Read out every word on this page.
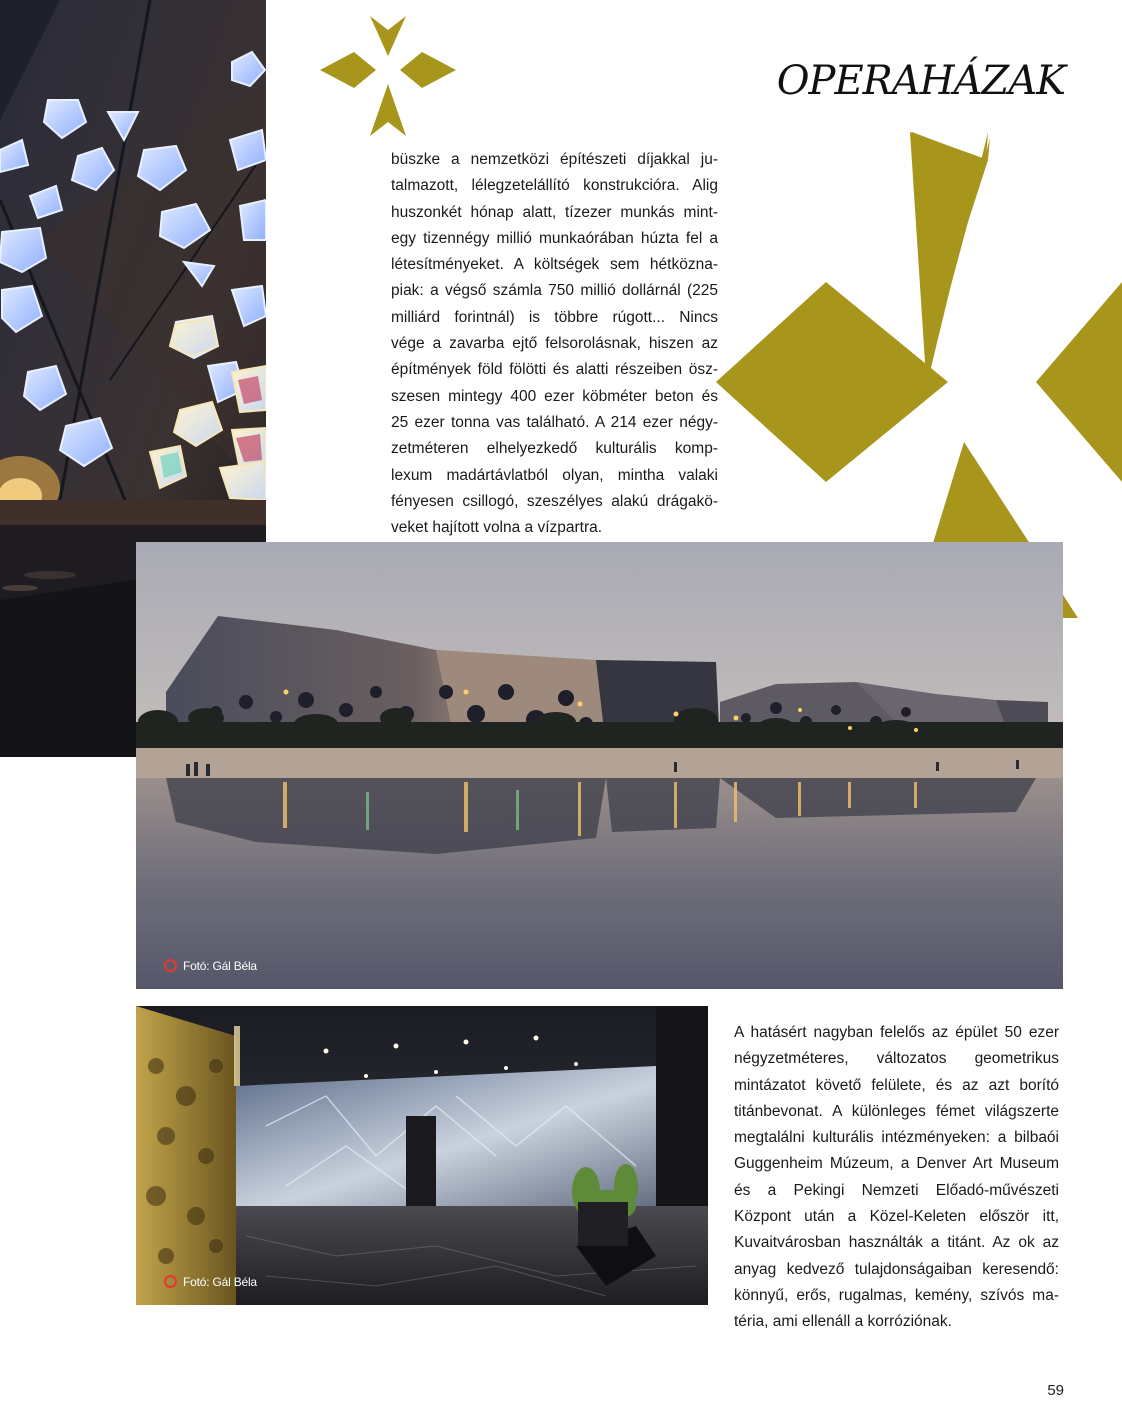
OPERAHÁZAK
büszke a nemzetközi építészeti díjakkal ju-
talmazott, lélegzetelállító konstrukcióra. Alig
huszonkét hónap alatt, tízezer munkás mint-
egy tizennégy millió munkaórában húzta fel a
létesítményeket. A költségek sem hétközna-
piak: a végső számla 750 millió dollárnál (225
milliárd forintnál) is többre rúgott... Nincs
vége a zavarba ejtő felsorolásnak, hiszen az
építmények föld fölötti és alatti részeiben ösz-
szesen mintegy 400 ezer köbméter beton és
25 ezer tonna vas található. A 214 ezer négy-
zetméteren elhelyezkedő kulturális komp-
lexum madártávlatból olyan, mintha valaki
fényesen csillogó, szeszélyes alakú drágakö-
veket hajított volna a vízpartra.
Fotó: Gál Béla
Fotó: Gál Béla
A hatásért nagyban felelős az épület 50 ezer
négyzetméteres, változatos geometrikus
mintázatot követő felülete, és az azt borító
titánbevonat. A különleges fémet világszerte
megtalálni kulturális intézményeken: a bilbaói
Guggenheim Múzeum, a Denver Art Museum
és a Pekingi Nemzeti Előadó-művészeti
Központ után a Közel-Keleten először itt,
Kuvaitvárosban használták a titánt. Az ok az
anyag kedvező tulajdonságaiban keresendő:
könnyű, erős, rugalmas, kemény, szívós ma-
téria, ami ellenáll a korróziónak.
59
